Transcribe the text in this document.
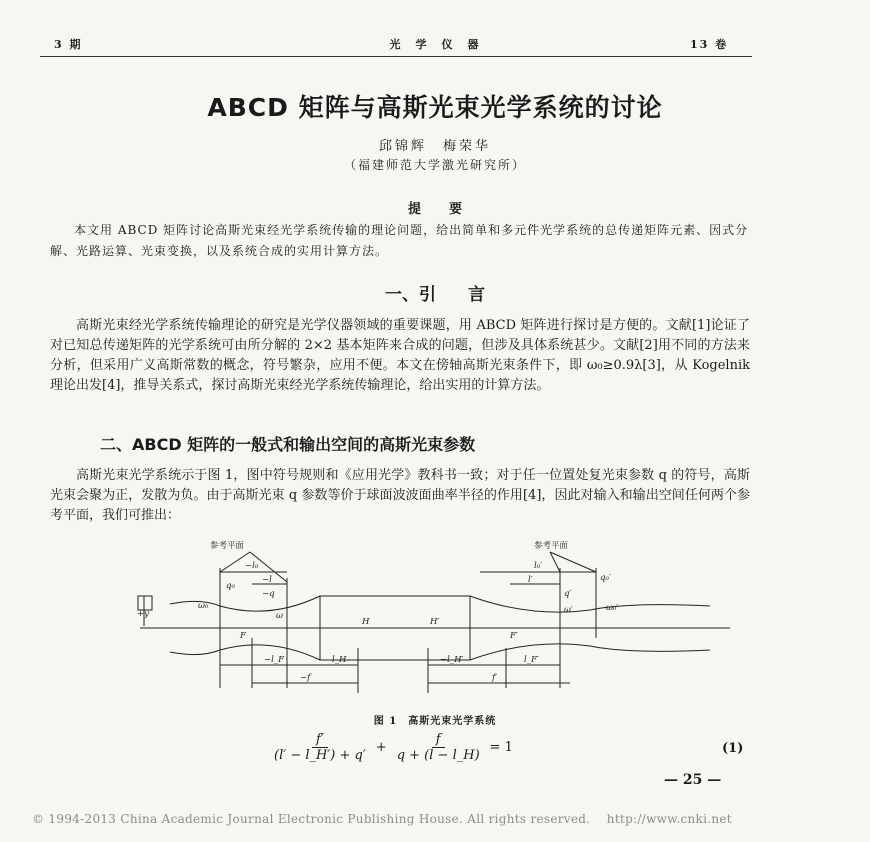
3 期	光　学　仪　器	13 卷
ABCD 矩阵与高斯光束光学系统的讨论
邱锦辉　梅荣华
（福建师范大学激光研究所）
提 要
本文用 ABCD 矩阵讨论高斯光束经光学系统传输的理论问题，给出简单和多元件光学系统的总传递矩阵元素、因式分解、光路运算、光束变换，以及系统合成的实用计算方法。
一、引 言

高斯光束经光学系统传输理论的研究是光学仪器领域的重要课题，用 ABCD 矩阵进行探讨是方便的。文献[1]论证了对已知总传递矩阵的光学系统可由所分解的 2×2 基本矩阵来合成的问题，但涉及具体系统甚少。文献[2]用不同的方法来分析，但采用广义高斯常数的概念，符号繁杂，应用不便。本文在傍轴高斯光束条件下，即 ω₀≥0.9λ[3]，从 Kogelnik 理论出发[4]，推导关系式，探讨高斯光束经光学系统传输理论，给出实用的计算方法。

二、ABCD 矩阵的一般式和输出空间的高斯光束参数

高斯光束光学系统示于图 1，图中符号规则和《应用光学》教科书一致；对于任一位置处复光束参数 q 的符号，高斯光束会聚为正，发散为负。由于高斯光束 q 参数等价于球面波波面曲率半径的作用[4]，因此对输入和输出空间任何两个参考平面，我们可推出：

参考平面	参考平面
−l₀
−l
−q
q₀
ω₀
ω
+y
F
H	H′
F′
l₀′
l′	q₀′
q′
ω₀′
ω′
−l_F	l_H	−l_H′	l_F′
−f	f′
图 1　高斯光束光学系统
$\frac{f'}{(l' - l\_H') + q'} + \frac{f}{q + (l - l\_H)} = 1$	(1)
— 25 —
© 1994-2013 China Academic Journal Electronic Publishing House. All rights reserved.　 http://www.cnki.net
